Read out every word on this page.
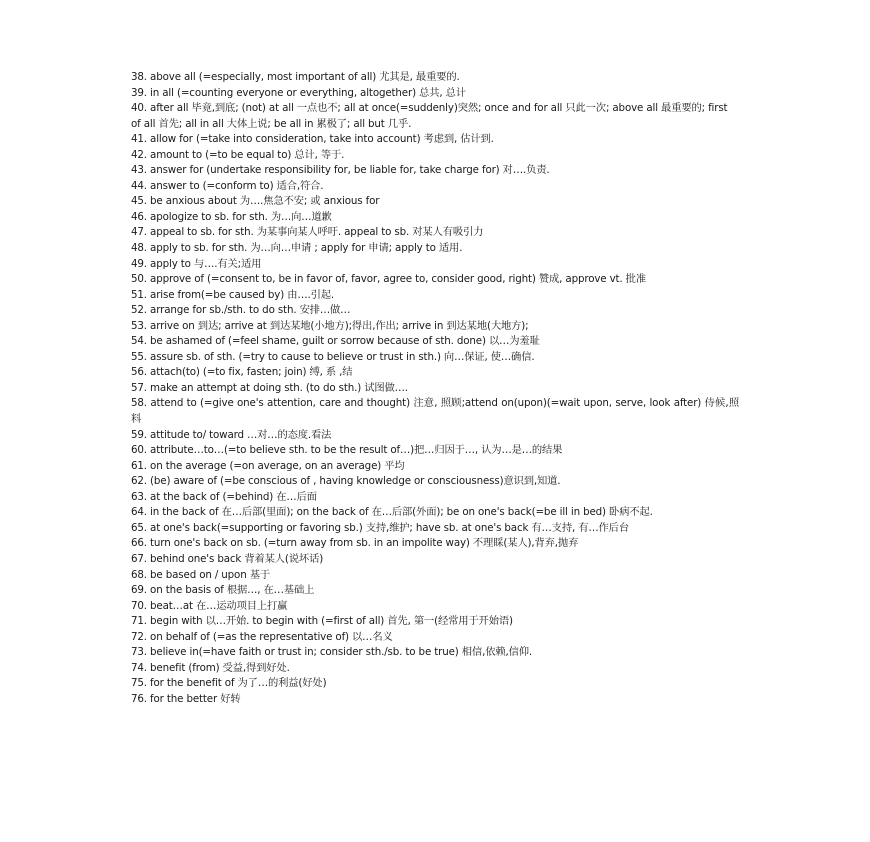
38. above all (=especially, most important of all) 尤其是, 最重要的.
39. in all (=counting everyone or everything, altogether) 总共, 总计
40. after all 毕竟,到底; (not) at all 一点也不; all at once(=suddenly)突然; once and for all 只此一次; above all 最重要的; first of all 首先; all in all 大体上说; be all in 累极了; all but 几乎.
41. allow for (=take into consideration, take into account) 考虑到, 估计到.
42. amount to (=to be equal to) 总计, 等于.
43. answer for (undertake responsibility for, be liable for, take charge for) 对….负责.
44. answer to (=conform to) 适合,符合.
45. be anxious about 为….焦急不安; 或 anxious for
46. apologize to sb. for sth. 为…向…道歉
47. appeal to sb. for sth. 为某事向某人呼吁. appeal to sb. 对某人有吸引力
48. apply to sb. for sth. 为…向…申请 ; apply for 申请; apply to 适用.
49. apply to 与….有关;适用
50. approve of (=consent to, be in favor of, favor, agree to, consider good, right) 赞成, approve vt. 批准
51. arise from(=be caused by) 由….引起.
52. arrange for sb./sth. to do sth. 安排…做…
53. arrive on 到达; arrive at 到达某地(小地方);得出,作出; arrive in 到达某地(大地方);
54. be ashamed of (=feel shame, guilt or sorrow because of sth. done) 以…为羞耻
55. assure sb. of sth. (=try to cause to believe or trust in sth.) 向…保证, 使…确信.
56. attach(to) (=to fix, fasten; join) 缚, 系 ,结
57. make an attempt at doing sth. (to do sth.) 试图做….
58. attend to (=give one's attention, care and thought) 注意, 照顾;attend on(upon)(=wait upon, serve, look after) 侍候,照料
59. attitude to/ toward …对…的态度.看法
60. attribute…to…(=to believe sth. to be the result of…)把…归因于…, 认为…是…的结果
61. on the average (=on average, on an average) 平均
62. (be) aware of (=be conscious of , having knowledge or consciousness)意识到,知道.
63. at the back of (=behind) 在…后面
64. in the back of 在…后部(里面); on the back of 在…后部(外面); be on one's back(=be ill in bed) 卧病不起.
65. at one's back(=supporting or favoring sb.) 支持,维护; have sb. at one's back 有…支持, 有…作后台
66. turn one's back on sb. (=turn away from sb. in an impolite way) 不理睬(某人),背弃,抛弃
67. behind one's back 背着某人(说坏话)
68. be based on / upon 基于
69. on the basis of 根据…, 在…基础上
70. beat…at 在…运动项目上打赢
71. begin with 以…开始. to begin with (=first of all) 首先, 第一(经常用于开始语)
72. on behalf of (=as the representative of) 以…名义
73. believe in(=have faith or trust in; consider sth./sb. to be true) 相信,依赖,信仰.
74. benefit (from) 受益,得到好处.
75. for the benefit of 为了…的利益(好处)
76. for the better 好转
